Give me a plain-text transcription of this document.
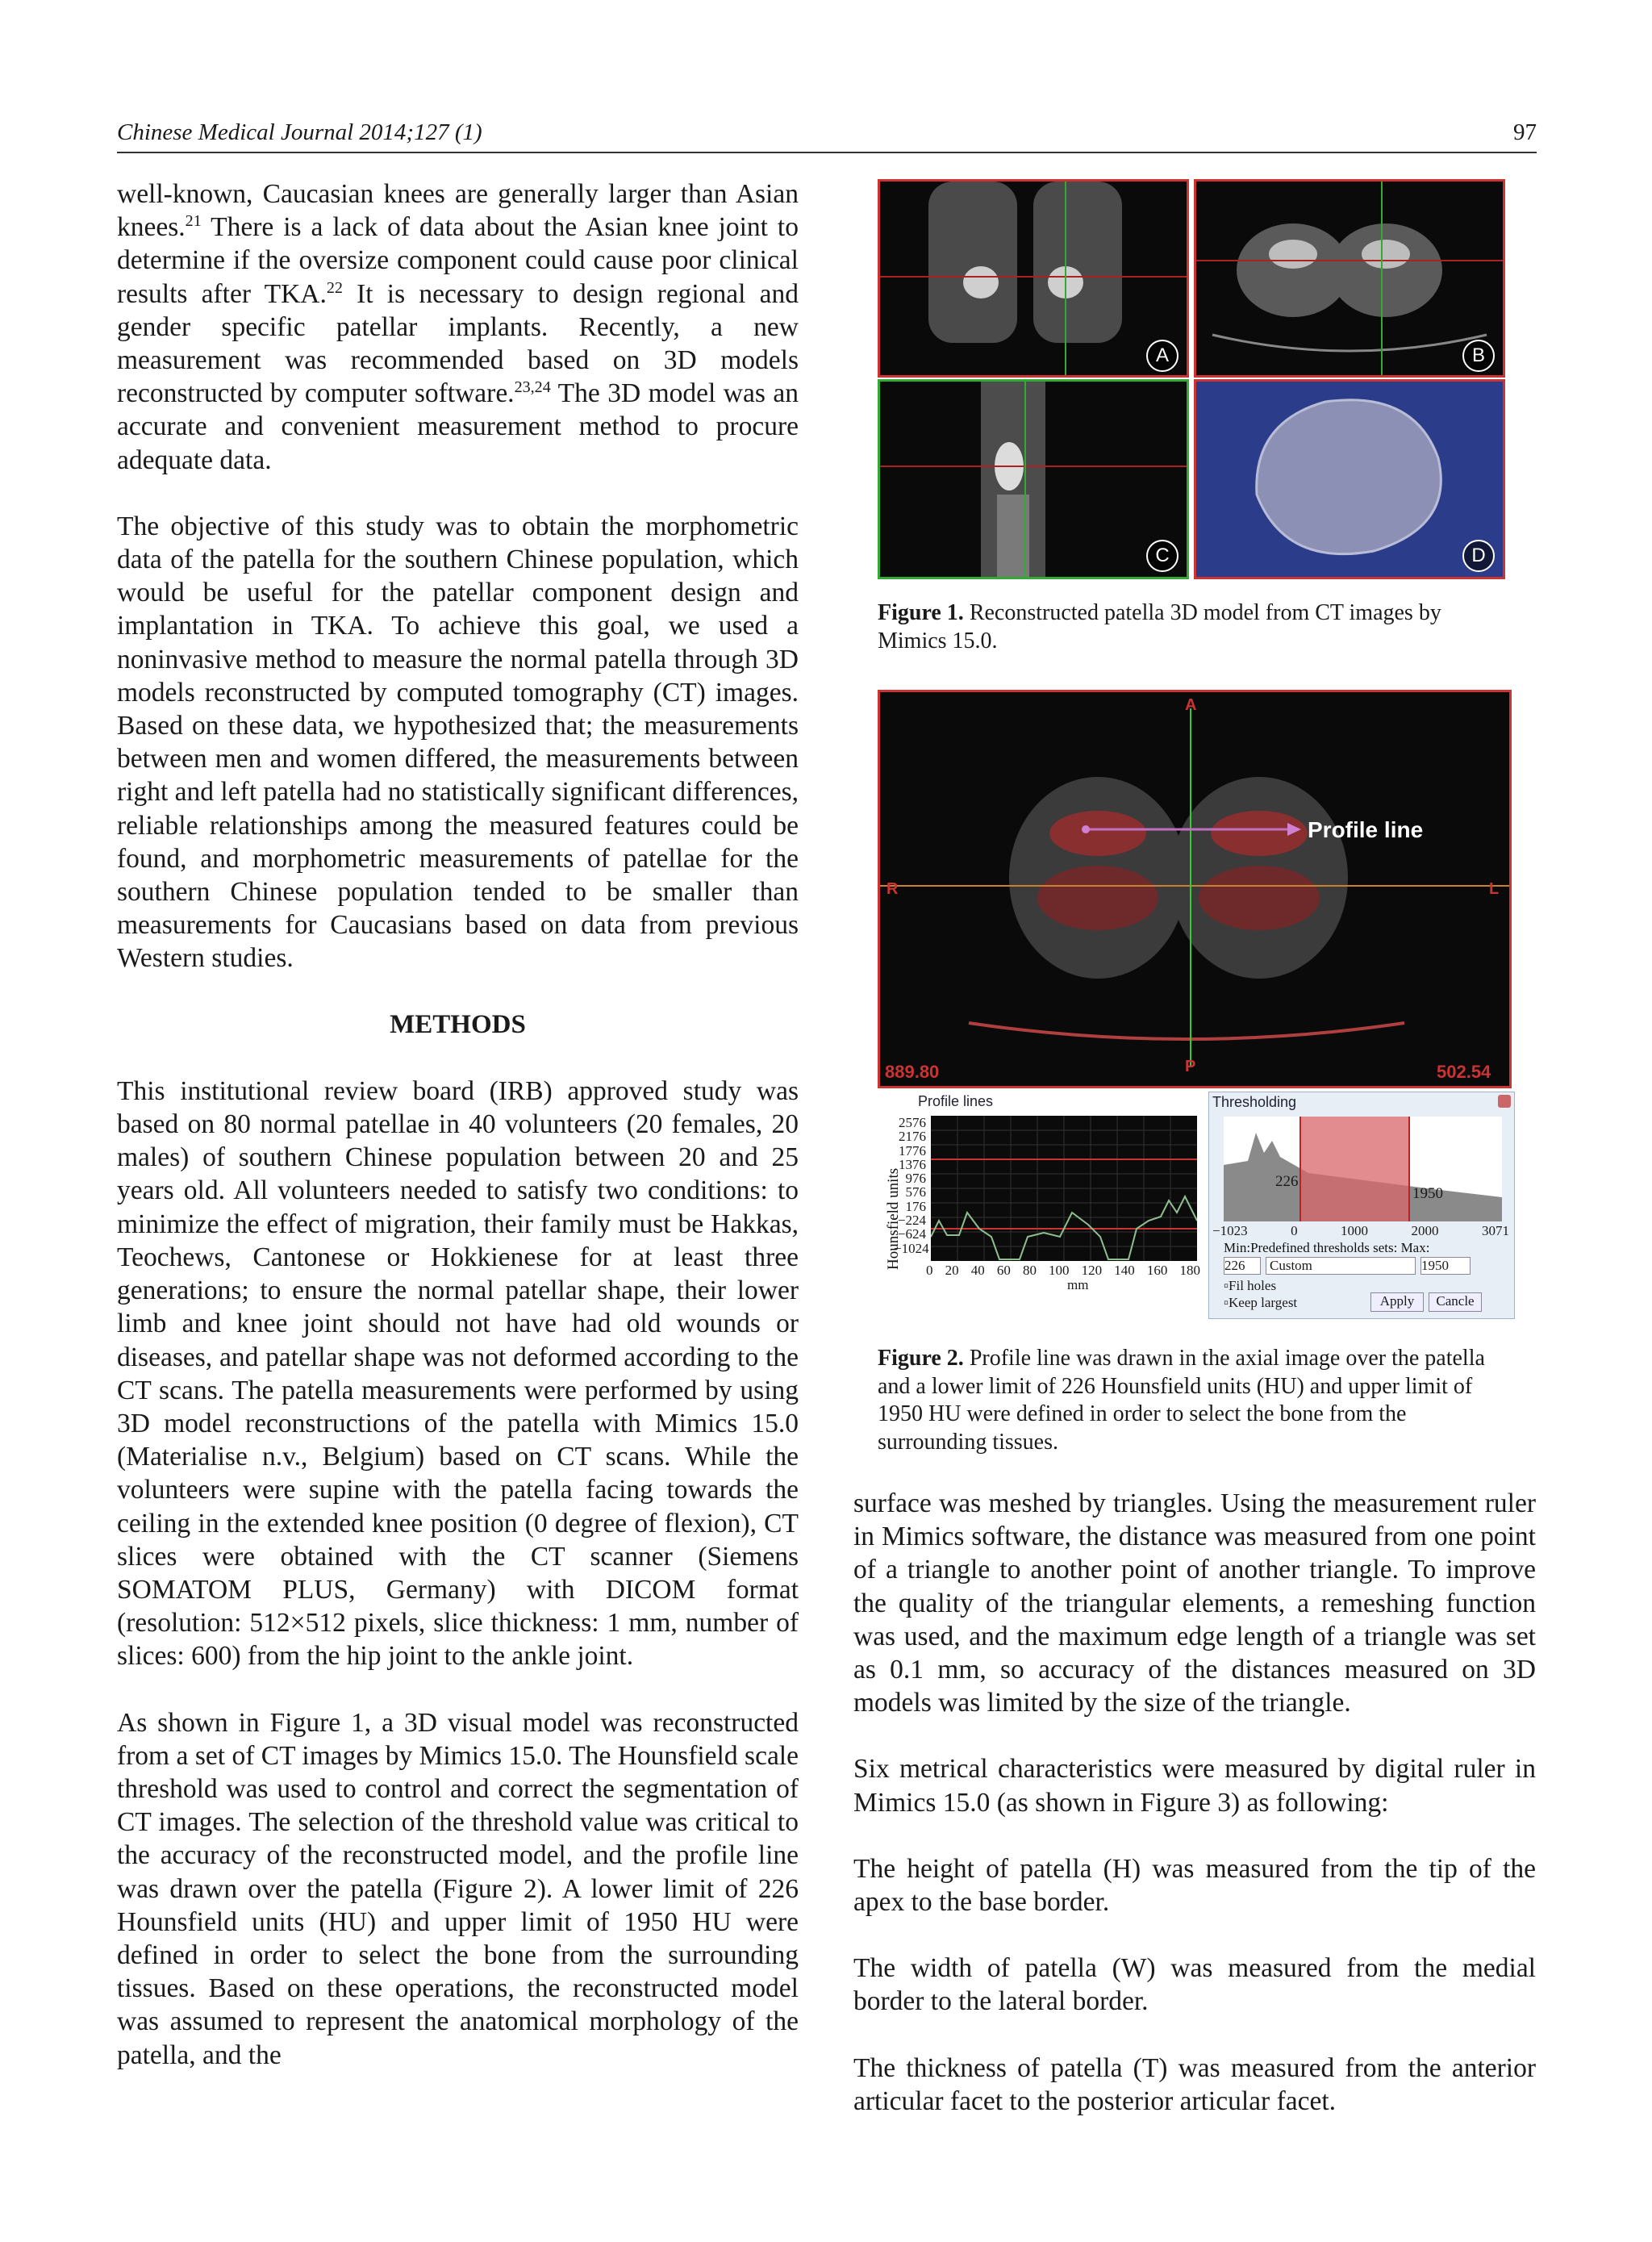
Chinese Medical Journal 2014;127 (1)	97

well-known, Caucasian knees are generally larger than Asian knees.$^{21}$ There is a lack of data about the Asian knee joint to determine if the oversize component could cause poor clinical results after TKA.$^{22}$ It is necessary to design regional and gender specific patellar implants. Recently, a new measurement was recommended based on 3D models reconstructed by computer software.$^{23,24}$ The 3D model was an accurate and convenient measurement method to procure adequate data.

The objective of this study was to obtain the morphometric data of the patella for the southern Chinese population, which would be useful for the patellar component design and implantation in TKA. To achieve this goal, we used a noninvasive method to measure the normal patella through 3D models reconstructed by computed tomography (CT) images. Based on these data, we hypothesized that; the measurements between men and women differed, the measurements between right and left patella had no statistically significant differences, reliable relationships among the measured features could be found, and morphometric measurements of patellae for the southern Chinese population tended to be smaller than measurements for Caucasians based on data from previous Western studies.

METHODS

This institutional review board (IRB) approved study was based on 80 normal patellae in 40 volunteers (20 females, 20 males) of southern Chinese population between 20 and 25 years old. All volunteers needed to satisfy two conditions: to minimize the effect of migration, their family must be Hakkas, Teochews, Cantonese or Hokkienese for at least three generations; to ensure the normal patellar shape, their lower limb and knee joint should not have had old wounds or diseases, and patellar shape was not deformed according to the CT scans. The patella measurements were performed by using 3D model reconstructions of the patella with Mimics 15.0 (Materialise n.v., Belgium) based on CT scans. While the volunteers were supine with the patella facing towards the ceiling in the extended knee position (0 degree of flexion), CT slices were obtained with the CT scanner (Siemens SOMATOM PLUS, Germany) with DICOM format (resolution: 512×512 pixels, slice thickness: 1 mm, number of slices: 600) from the hip joint to the ankle joint.

As shown in Figure 1, a 3D visual model was reconstructed from a set of CT images by Mimics 15.0. The Hounsfield scale threshold was used to control and correct the segmentation of CT images. The selection of the threshold value was critical to the accuracy of the reconstructed model, and the profile line was drawn over the patella (Figure 2). A lower limit of 226 Hounsfield units (HU) and upper limit of 1950 HU were defined in order to select the bone from the surrounding tissues. Based on these operations, the reconstructed model was assumed to represent the anatomical morphology of the patella, and the

A	B
C	D
Figure 1. Reconstructed patella 3D model from CT images by Mimics 15.0.
Profile line
A
P
R	L
889.80	502.54
Profile lines
Hounsfield units
2576
2176
1776
1376
976
576
176
−224
−624
−1024
0 20 40 60 80 100 120 140 160 180
mm
Thresholding
226
1950
−1023	0	1000	2000	3071
Min:Predefined thresholds sets: Max:
226	Custom	1950
▫Fil holes
▫Keep largest	Apply	Cancle
Figure 2. Profile line was drawn in the axial image over the patella and a lower limit of 226 Hounsfield units (HU) and upper limit of 1950 HU were defined in order to select the bone from the surrounding tissues.

surface was meshed by triangles. Using the measurement ruler in Mimics software, the distance was measured from one point of a triangle to another point of another triangle. To improve the quality of the triangular elements, a remeshing function was used, and the maximum edge length of a triangle was set as 0.1 mm, so accuracy of the distances measured on 3D models was limited by the size of the triangle.

Six metrical characteristics were measured by digital ruler in Mimics 15.0 (as shown in Figure 3) as following:

The height of patella (H) was measured from the tip of the apex to the base border.

The width of patella (W) was measured from the medial border to the lateral border.

The thickness of patella (T) was measured from the anterior articular facet to the posterior articular facet.
